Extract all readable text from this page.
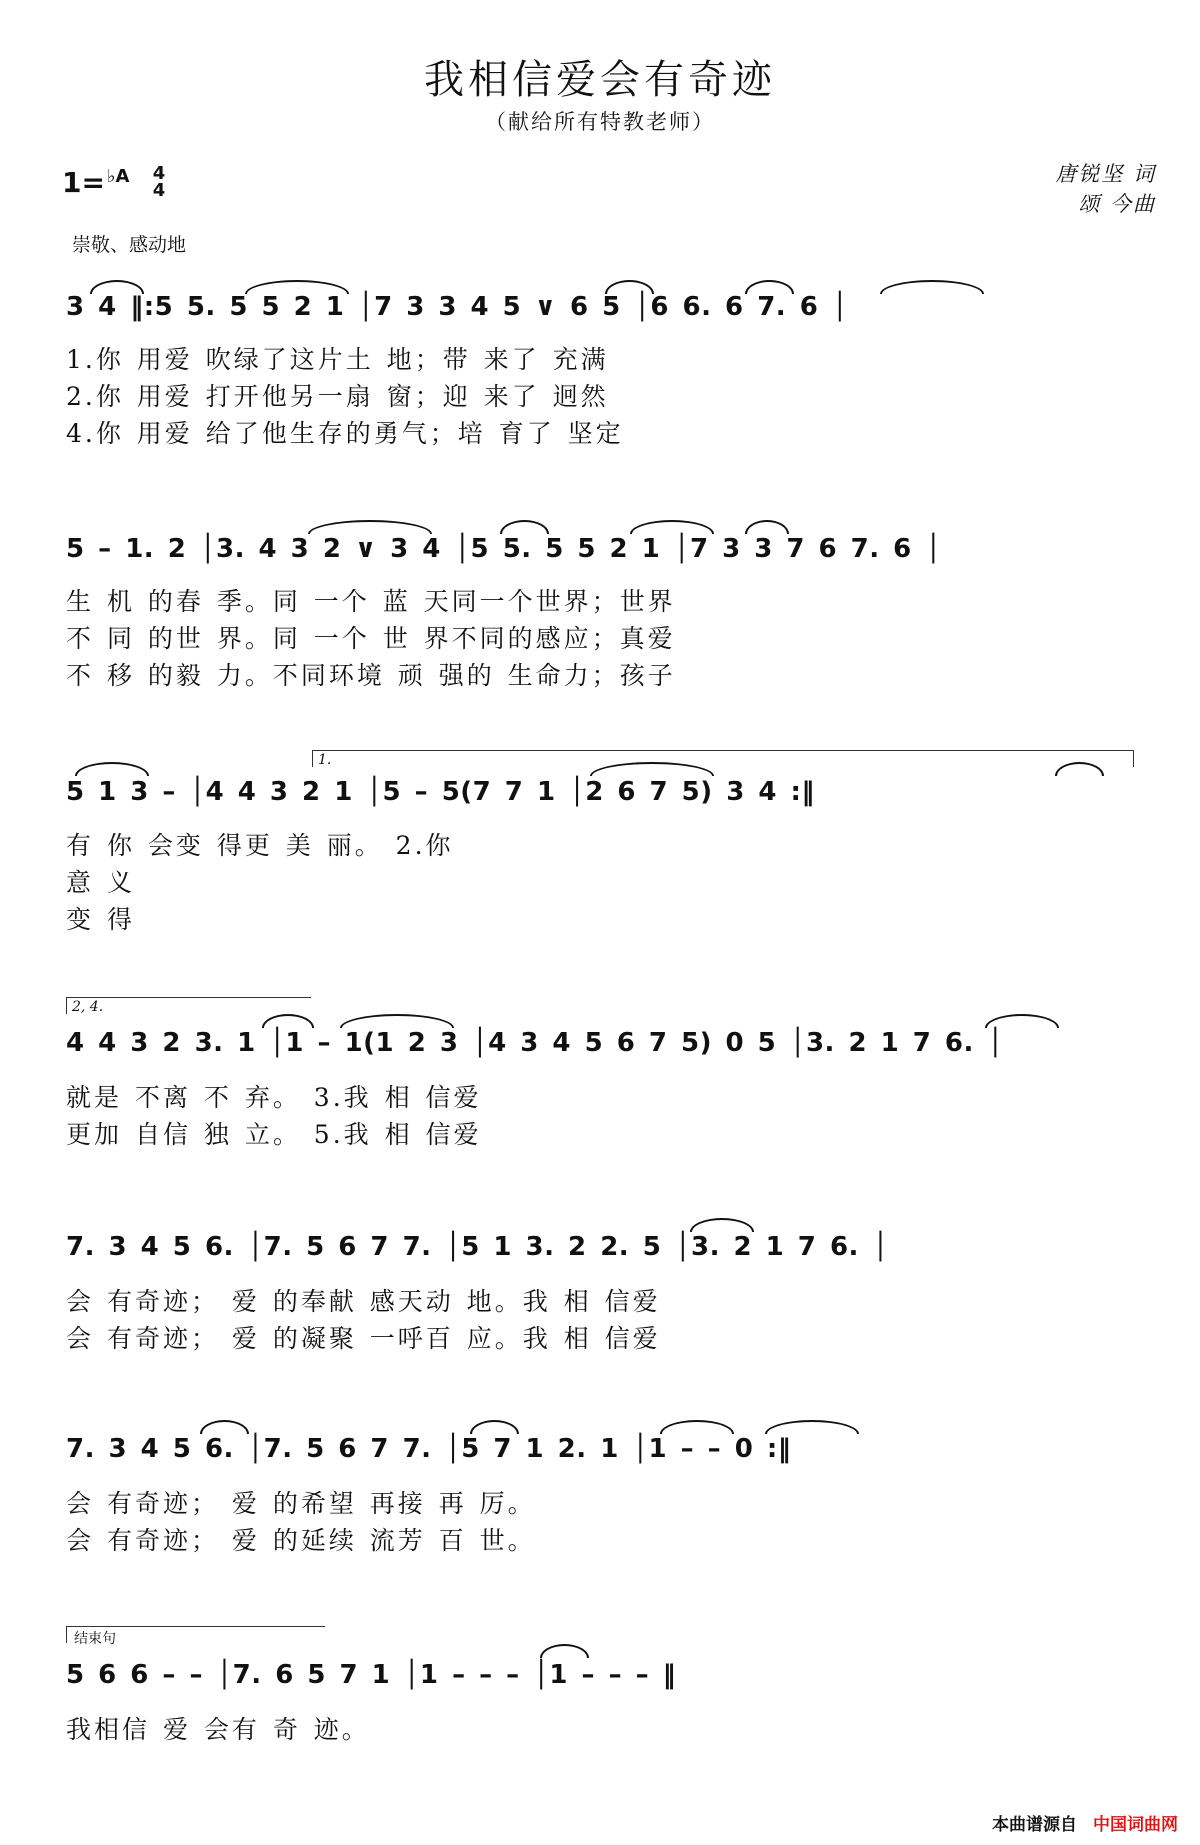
我相信爱会有奇迹
（献给所有特教老师）
1= $^{♭A}$ 4
4
唐锐坚 词
颂 今曲
崇敬、感动地
3 4 ‖:5 5. 5 5 2 1 │7 3 3 4 5 ∨ 6 5 │6 6. 6 7. 6 │
1.你 用爱 吹绿了这片土 地；带 来了 充满
2.你 用爱 打开他另一扇 窗；迎 来了 迥然
4.你 用爱 给了他生存的勇气；培 育了 坚定
5 – 1. 2 │3. 4 3 2 ∨ 3 4 │5 5. 5 5 2 1 │7 3 3 7 6 7. 6 │
生 机 的春 季。同 一个 蓝 天同一个世界；世界
不 同 的世 界。同 一个 世 界不同的感应；真爱
不 移 的毅 力。不同环境 顽 强的 生命力；孩子
1.
5 1 3 – │4 4 3 2 1 │5 – 5(7 7 1 │2 6 7 5) 3 4 :‖
有 你 会变 得更 美 丽。 2.你
意 义
变 得
2, 4.
4 4 3 2 3. 1 │1 – 1(1 2 3 │4 3 4 5 6 7 5) 0 5 │3. 2 1 7 6. │
就是 不离 不 弃。 3.我 相 信爱
更加 自信 独 立。 5.我 相 信爱
7. 3 4 5 6. │7. 5 6 7 7. │5 1 3. 2 2. 5 │3. 2 1 7 6. │
会 有奇迹； 爱 的奉献 感天动 地。我 相 信爱
会 有奇迹； 爱 的凝聚 一呼百 应。我 相 信爱
7. 3 4 5 6. │7. 5 6 7 7. │5 7 1 2. 1 │1 – – 0 :‖
会 有奇迹； 爱 的希望 再接 再 厉。
会 有奇迹； 爱 的延续 流芳 百 世。
结束句
5 6 6 – – │7. 6 5 7 1 │1 – – – │1 – – – ‖
我相信 爱 会有 奇 迹。
本曲谱源自 中国词曲网
